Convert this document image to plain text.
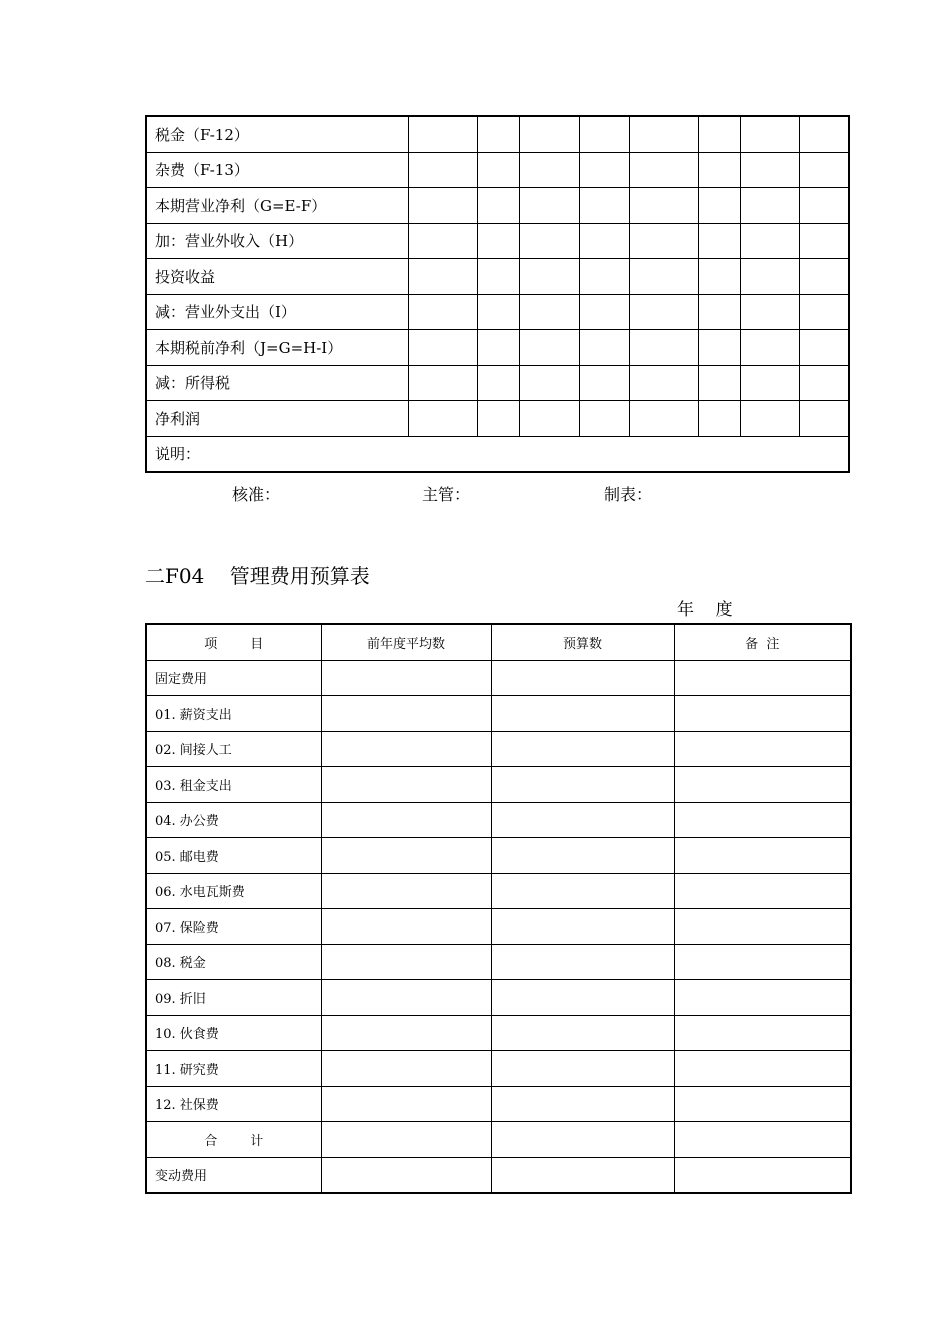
税金（F-12）								
杂费（F-13）								
本期营业净利（G=E-F）								
加：营业外收入（H）								
投资收益								
减：营业外支出（I）								
本期税前净利（J=G=H-I）								
减：所得税								
净利润								
说明：								
核准：	主管：	制表：
二F04    管理费用预算表
年    度
项        目	前年度平均数	预算数	备  注
固定费用			
01. 薪资支出			
02. 间接人工			
03. 租金支出			
04. 办公费			
05. 邮电费			
06. 水电瓦斯费			
07. 保险费			
08. 税金			
09. 折旧			
10. 伙食费			
11. 研究费			
12. 社保费			
合        计			
变动费用			
